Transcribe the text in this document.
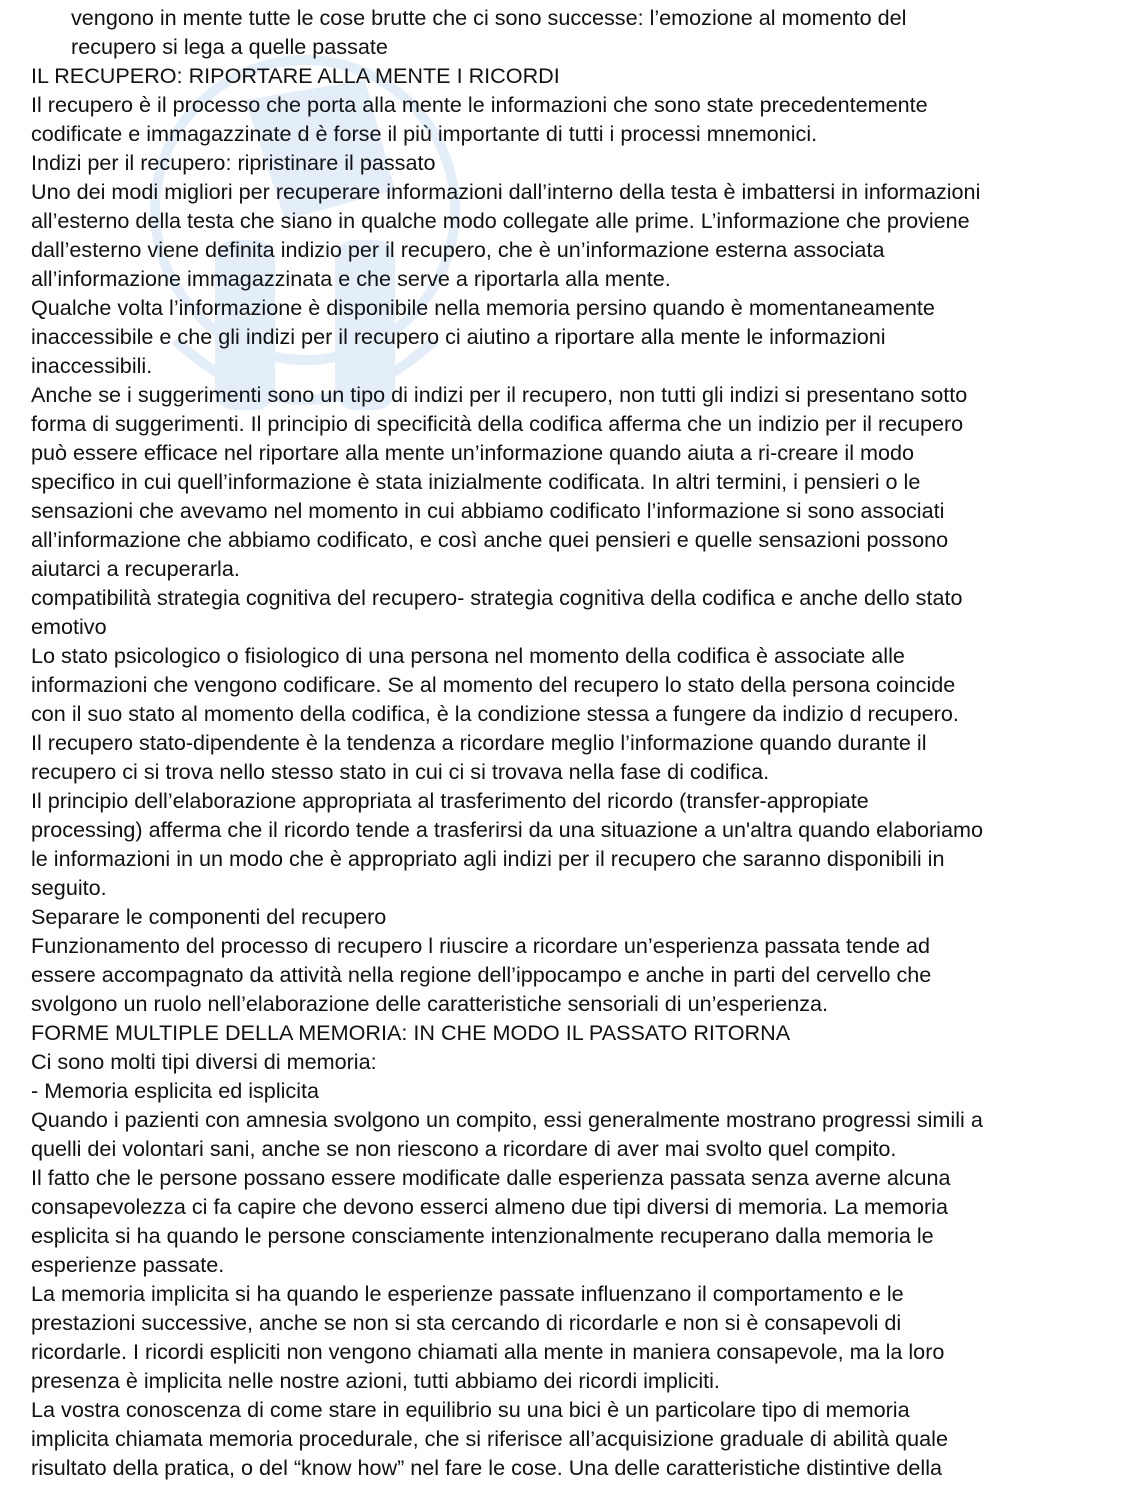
vengono in mente tutte le cose brutte che ci sono successe: l’emozione al momento del
recupero si lega a quelle passate
IL RECUPERO: RIPORTARE ALLA MENTE I RICORDI
Il recupero è il processo che porta alla mente le informazioni che sono state precedentemente
codificate e immagazzinate d è forse il più importante di tutti i processi mnemonici.
Indizi per il recupero: ripristinare il passato
Uno dei modi migliori per recuperare informazioni dall’interno della testa è imbattersi in informazioni
all’esterno della testa che siano in qualche modo collegate alle prime. L’informazione che proviene
dall’esterno viene definita indizio per il recupero, che è un’informazione esterna associata
all’informazione immagazzinata e che serve a riportarla alla mente.
Qualche volta l’informazione è disponibile nella memoria persino quando è momentaneamente
inaccessibile e che gli indizi per il recupero ci aiutino a riportare alla mente le informazioni
inaccessibili.
Anche se i suggerimenti sono un tipo di indizi per il recupero, non tutti gli indizi si presentano sotto
forma di suggerimenti. Il principio di specificità della codifica afferma che un indizio per il recupero
può essere efficace nel riportare alla mente un’informazione quando aiuta a ri-creare il modo
specifico in cui quell’informazione è stata inizialmente codificata. In altri termini, i pensieri o le
sensazioni che avevamo nel momento in cui abbiamo codificato l’informazione si sono associati
all’informazione che abbiamo codificato, e così anche quei pensieri e quelle sensazioni possono
aiutarci a recuperarla.
compatibilità strategia cognitiva del recupero- strategia cognitiva della codifica e anche dello stato
emotivo
Lo stato psicologico o fisiologico di una persona nel momento della codifica è associate alle
informazioni che vengono codificare. Se al momento del recupero lo stato della persona coincide
con il suo stato al momento della codifica, è la condizione stessa a fungere da indizio d recupero.
Il recupero stato-dipendente è la tendenza a ricordare meglio l’informazione quando durante il
recupero ci si trova nello stesso stato in cui ci si trovava nella fase di codifica.
Il principio dell’elaborazione appropriata al trasferimento del ricordo (transfer-appropiate
processing) afferma che il ricordo tende a trasferirsi da una situazione a un'altra quando elaboriamo
le informazioni in un modo che è appropriato agli indizi per il recupero che saranno disponibili in
seguito.
Separare le componenti del recupero
Funzionamento del processo di recupero l riuscire a ricordare un’esperienza passata tende ad
essere accompagnato da attività nella regione dell’ippocampo e anche in parti del cervello che
svolgono un ruolo nell’elaborazione delle caratteristiche sensoriali di un’esperienza.
FORME MULTIPLE DELLA MEMORIA: IN CHE MODO IL PASSATO RITORNA
Ci sono molti tipi diversi di memoria:
- Memoria esplicita ed isplicita
Quando i pazienti con amnesia svolgono un compito, essi generalmente mostrano progressi simili a
quelli dei volontari sani, anche se non riescono a ricordare di aver mai svolto quel compito.
Il fatto che le persone possano essere modificate dalle esperienza passata senza averne alcuna
consapevolezza ci fa capire che devono esserci almeno due tipi diversi di memoria. La memoria
esplicita si ha quando le persone consciamente intenzionalmente recuperano dalla memoria le
esperienze passate.
La memoria implicita si ha quando le esperienze passate influenzano il comportamento e le
prestazioni successive, anche se non si sta cercando di ricordarle e non si è consapevoli di
ricordarle. I ricordi espliciti non vengono chiamati alla mente in maniera consapevole, ma la loro
presenza è implicita nelle nostre azioni, tutti abbiamo dei ricordi impliciti.
La vostra conoscenza di come stare in equilibrio su una bici è un particolare tipo di memoria
implicita chiamata memoria procedurale, che si riferisce all’acquisizione graduale di abilità quale
risultato della pratica, o del “know how” nel fare le cose. Una delle caratteristiche distintive della
